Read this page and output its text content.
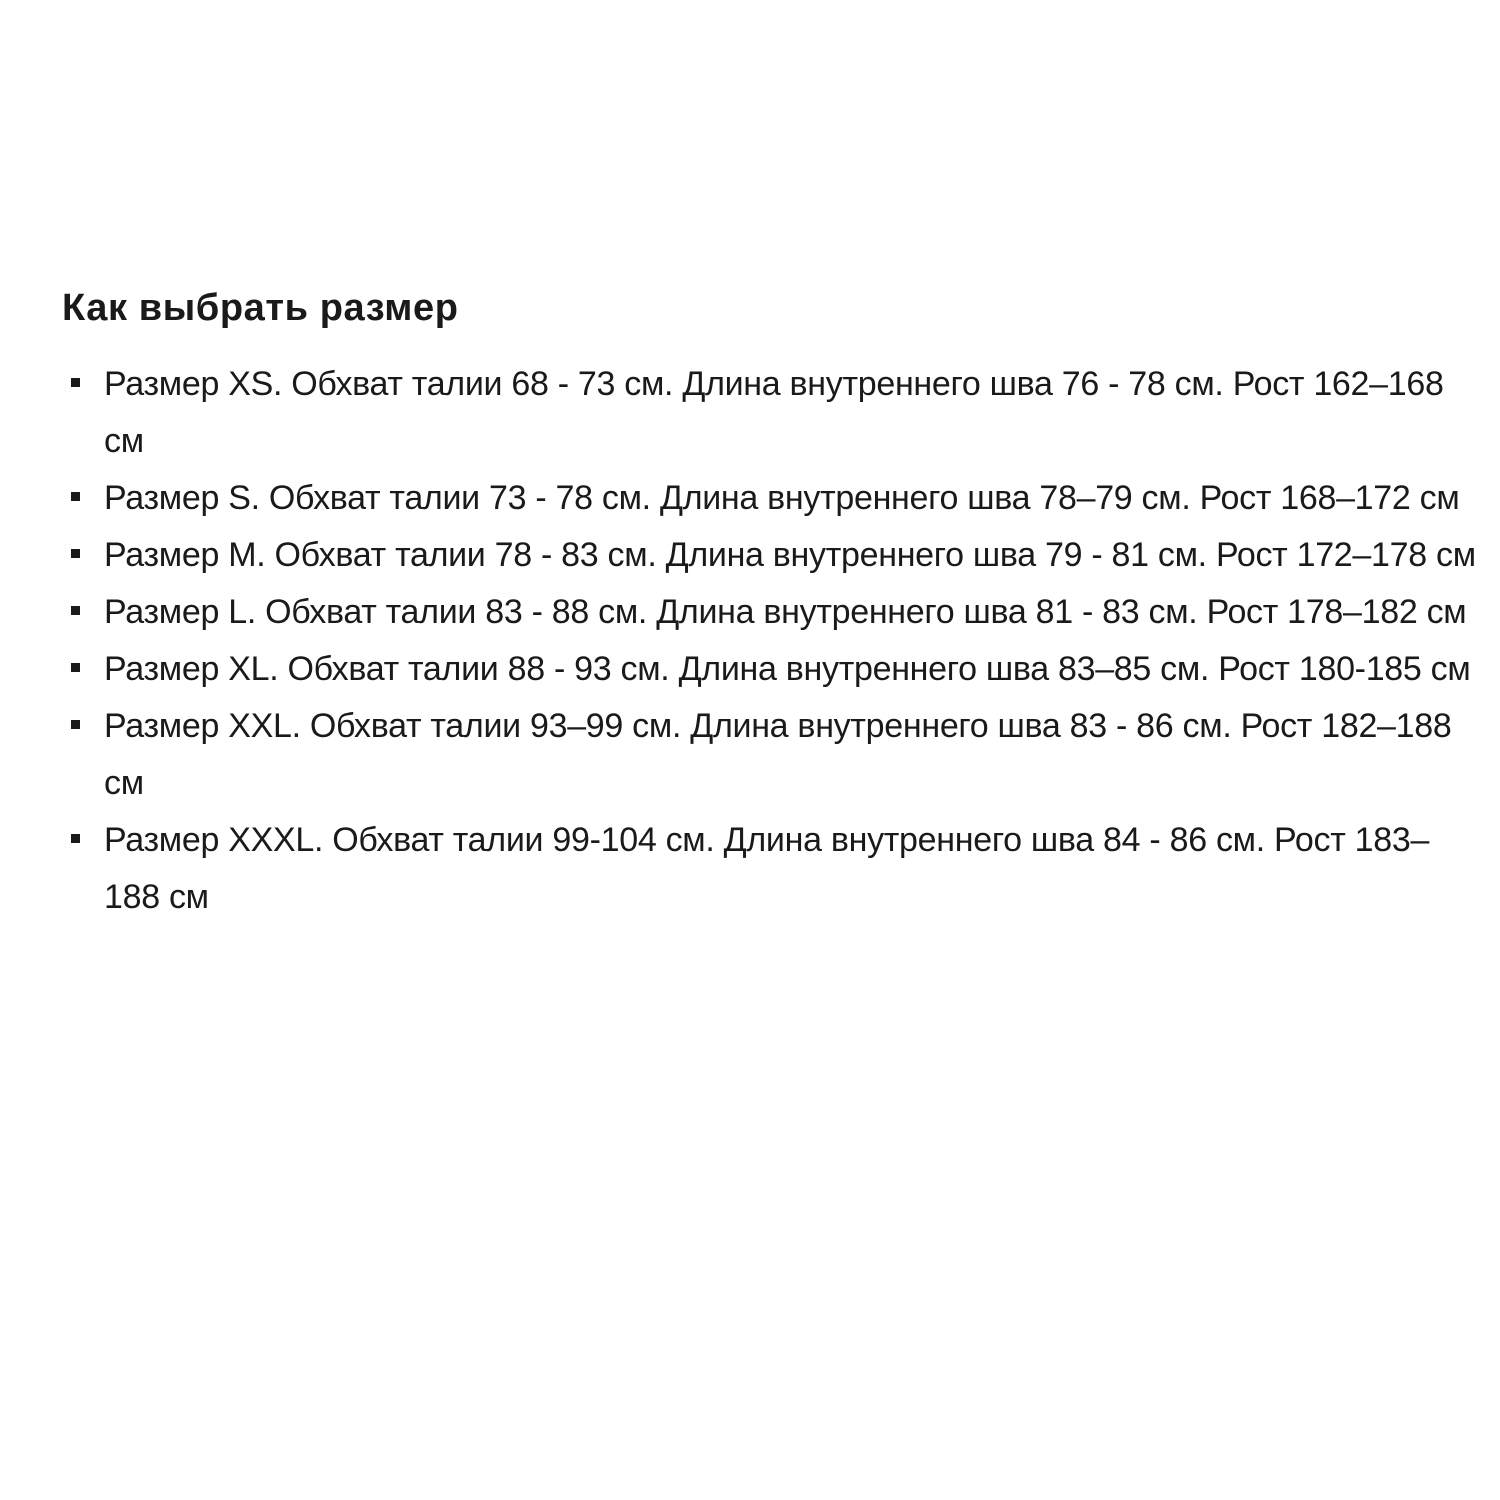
Как выбрать размер
Размер XS. Обхват талии 68 - 73 см. Длина внутреннего шва 76 - 78 см. Рост 162–168 см
Размер S. Обхват талии 73 - 78 см. Длина внутреннего шва 78–79 см. Рост 168–172 см
Размер M. Обхват талии 78 - 83 см. Длина внутреннего шва 79 - 81 см. Рост 172–178 см
Размер L. Обхват талии 83 - 88 см. Длина внутреннего шва 81 - 83 см. Рост 178–182 см
Размер XL. Обхват талии 88 - 93 см. Длина внутреннего шва 83–85 см. Рост 180-185 см
Размер XXL. Обхват талии 93–99 см. Длина внутреннего шва 83 - 86 см. Рост 182–188 см
Размер XXXL. Обхват талии 99-104 см. Длина внутреннего шва 84 - 86 см. Рост 183–188 см
